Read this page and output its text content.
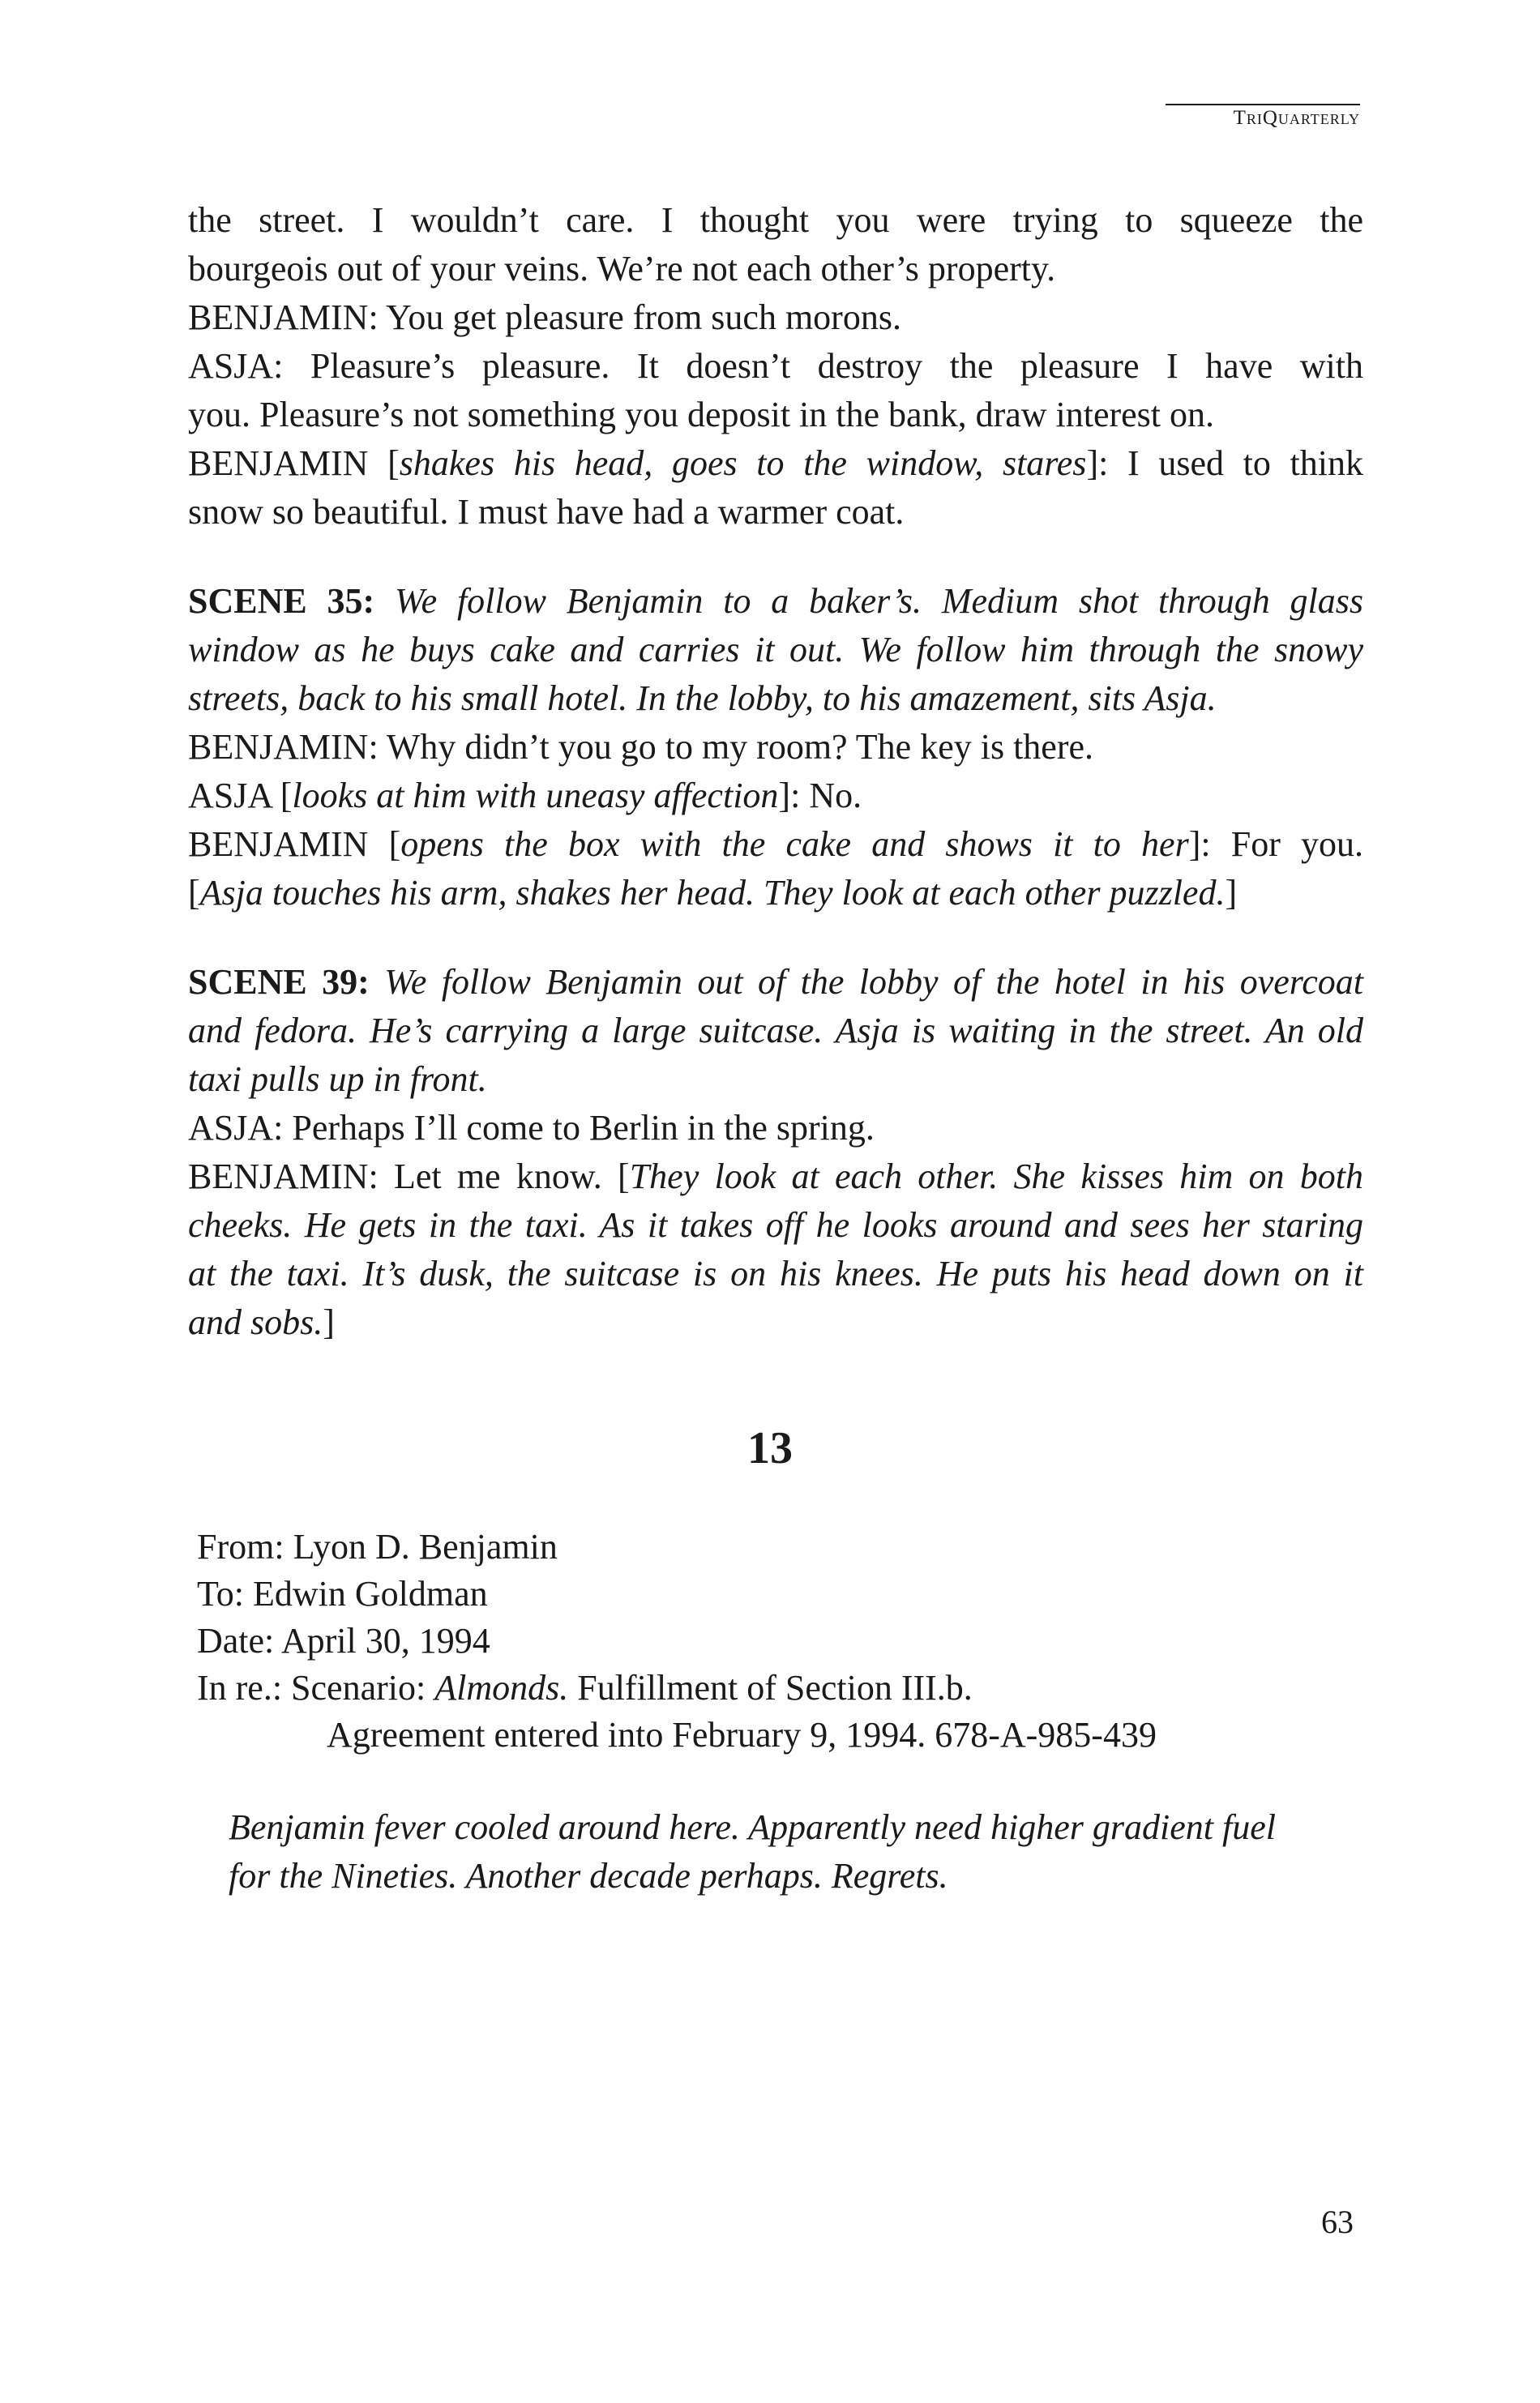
TriQuarterly

the street. I wouldn’t care. I thought you were trying to squeeze the

bourgeois out of your veins. We’re not each other’s property.

BENJAMIN: You get pleasure from such morons.

ASJA: Pleasure’s pleasure. It doesn’t destroy the pleasure I have with

you. Pleasure’s not something you deposit in the bank, draw interest on.

BENJAMIN [shakes his head, goes to the window, stares]: I used to think

snow so beautiful. I must have had a warmer coat.

SCENE 35: We follow Benjamin to a baker’s. Medium shot through glass

window as he buys cake and carries it out. We follow him through the snowy

streets, back to his small hotel. In the lobby, to his amazement, sits Asja.

BENJAMIN: Why didn’t you go to my room? The key is there.

ASJA [looks at him with uneasy affection]: No.

BENJAMIN [opens the box with the cake and shows it to her]: For you.

[Asja touches his arm, shakes her head. They look at each other puzzled.]

SCENE 39: We follow Benjamin out of the lobby of the hotel in his overcoat

and fedora. He’s carrying a large suitcase. Asja is waiting in the street. An old

taxi pulls up in front.

ASJA: Perhaps I’ll come to Berlin in the spring.

BENJAMIN: Let me know. [They look at each other. She kisses him on both

cheeks. He gets in the taxi. As it takes off he looks around and sees her staring

at the taxi. It’s dusk, the suitcase is on his knees. He puts his head down on it

and sobs.]

13

From: Lyon D. Benjamin

To: Edwin Goldman

Date: April 30, 1994

In re.: Scenario: Almonds. Fulfillment of Section III.b.

Agreement entered into February 9, 1994. 678-A-985-439

Benjamin fever cooled around here. Apparently need higher gradient fuel

for the Nineties. Another decade perhaps. Regrets.

63
